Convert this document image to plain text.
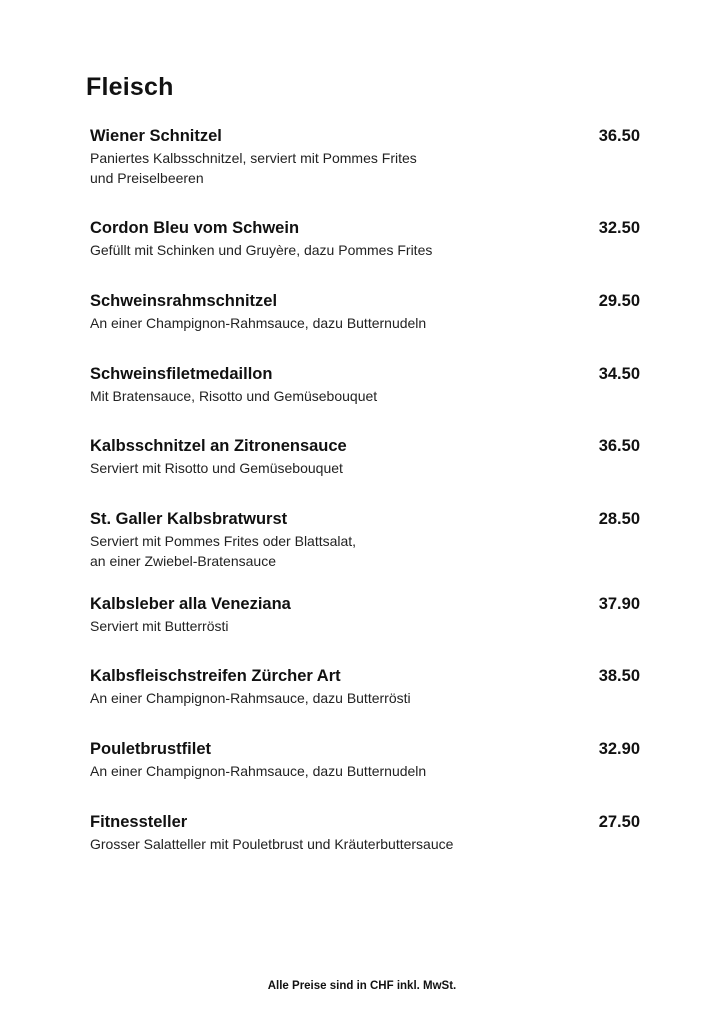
Fleisch
Wiener Schnitzel	36.50
Paniertes Kalbsschnitzel, serviert mit Pommes Frites
und Preiselbeeren
Cordon Bleu vom Schwein	32.50
Gefüllt mit Schinken und Gruyère, dazu Pommes Frites
Schweinsrahmschnitzel	29.50
An einer Champignon-Rahmsauce, dazu Butternudeln
Schweinsfiletmedaillon	34.50
Mit Bratensauce, Risotto und Gemüsebouquet
Kalbsschnitzel an Zitronensauce	36.50
Serviert mit Risotto und Gemüsebouquet
St. Galler Kalbsbratwurst	28.50
Serviert mit Pommes Frites oder Blattsalat,
an einer Zwiebel-Bratensauce
Kalbsleber alla Veneziana	37.90
Serviert mit Butterrösti
Kalbsfleischstreifen Zürcher Art	38.50
An einer Champignon-Rahmsauce, dazu Butterrösti
Pouletbrustfilet	32.90
An einer Champignon-Rahmsauce, dazu Butternudeln
Fitnessteller	27.50
Grosser Salatteller mit Pouletbrust und Kräuterbuttersauce
Alle Preise sind in CHF inkl. MwSt.
